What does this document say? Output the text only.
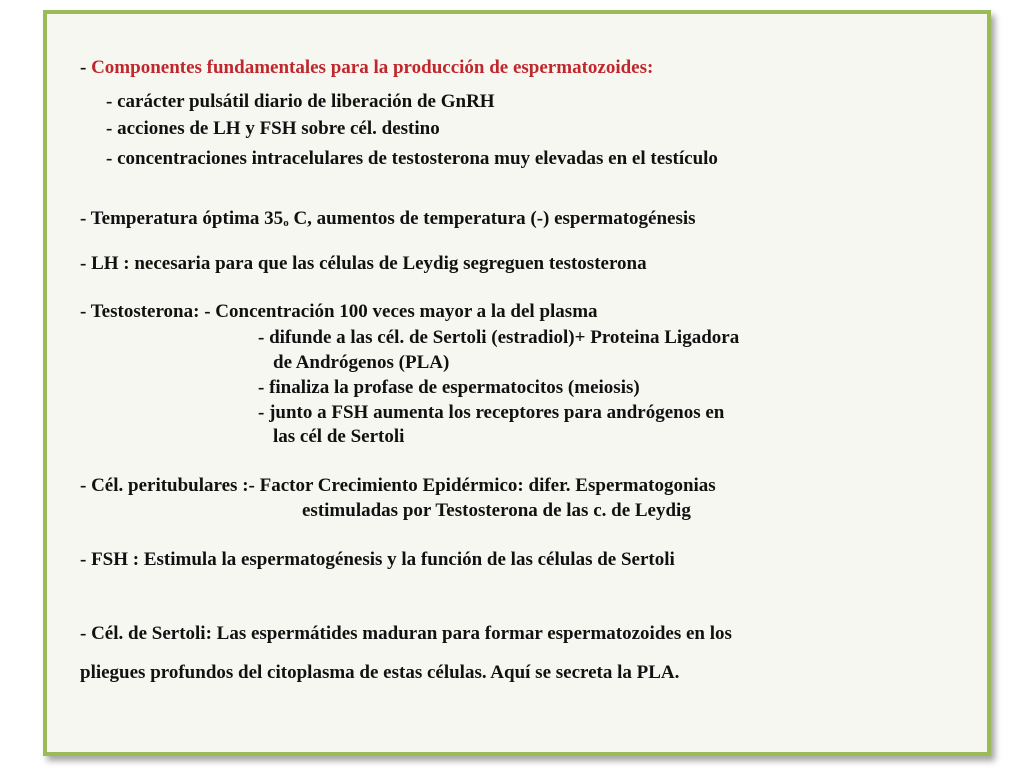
- Componentes fundamentales para la producción de espermatozoides:
- carácter pulsátil diario de liberación de GnRH
- acciones de LH y FSH sobre cél. destino
- concentraciones intracelulares de testosterona muy elevadas en el testículo
- Temperatura óptima $35_o$ C, aumentos de temperatura (-) espermatogénesis
- LH : necesaria para que las células de Leydig segreguen testosterona
- Testosterona: - Concentración 100 veces mayor a la del plasma
- difunde a las cél. de Sertoli (estradiol)+ Proteina Ligadora
de Andrógenos (PLA)
- finaliza la profase de espermatocitos (meiosis)
- junto a FSH aumenta los receptores para andrógenos en
las cél de Sertoli
- Cél. peritubulares :- Factor Crecimiento Epidérmico: difer. Espermatogonias
estimuladas por Testosterona de las c. de Leydig
- FSH : Estimula la espermatogénesis y la función de las células de Sertoli
- Cél. de Sertoli: Las espermátides maduran para formar espermatozoides en los
pliegues profundos del citoplasma de estas células. Aquí se secreta la PLA.
